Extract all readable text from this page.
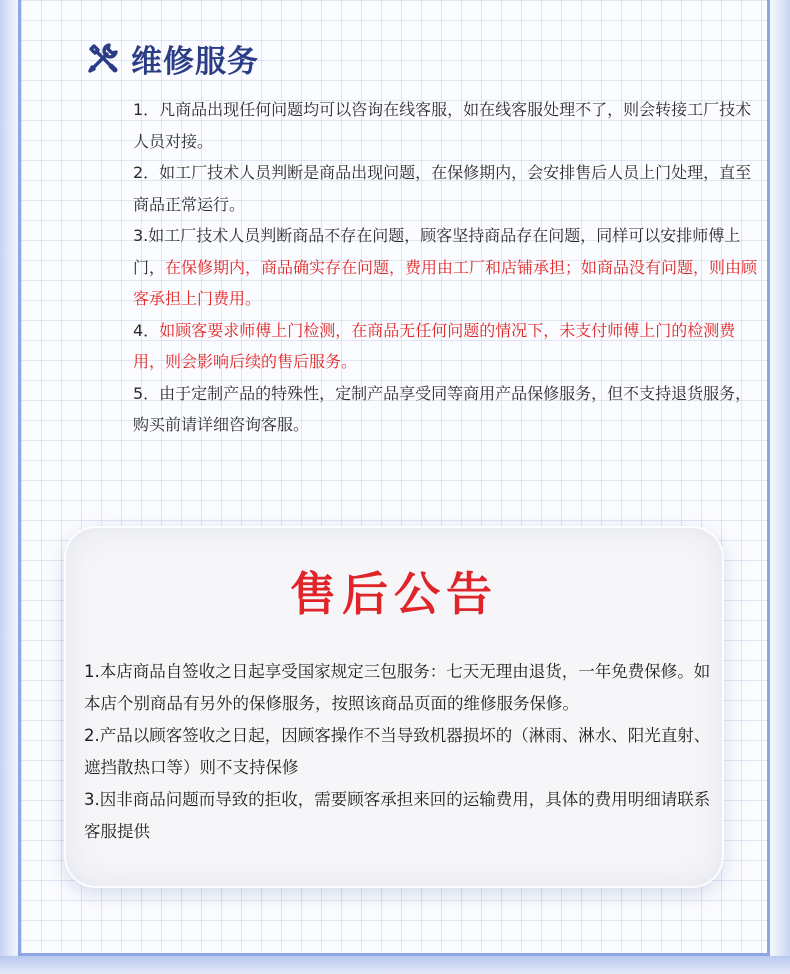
维修服务
1．凡商品出现任何问题均可以咨询在线客服，如在线客服处理不了，则会转接工厂技术人员对接。
2．如工厂技术人员判断是商品出现问题，在保修期内，会安排售后人员上门处理，直至商品正常运行。
3.如工厂技术人员判断商品不存在问题，顾客坚持商品存在问题，同样可以安排师傅上门，在保修期内，商品确实存在问题，费用由工厂和店铺承担；如商品没有问题，则由顾客承担上门费用。
4．如顾客要求师傅上门检测，在商品无任何问题的情况下，未支付师傅上门的检测费用，则会影响后续的售后服务。
5．由于定制产品的特殊性，定制产品享受同等商用产品保修服务，但不支持退货服务，购买前请详细咨询客服。
售后公告
1.本店商品自签收之日起享受国家规定三包服务：七天无理由退货，一年免费保修。如本店个别商品有另外的保修服务，按照该商品页面的维修服务保修。
2.产品以顾客签收之日起，因顾客操作不当导致机器损坏的（淋雨、淋水、阳光直射、遮挡散热口等）则不支持保修
3.因非商品问题而导致的拒收，需要顾客承担来回的运输费用，具体的费用明细请联系客服提供
